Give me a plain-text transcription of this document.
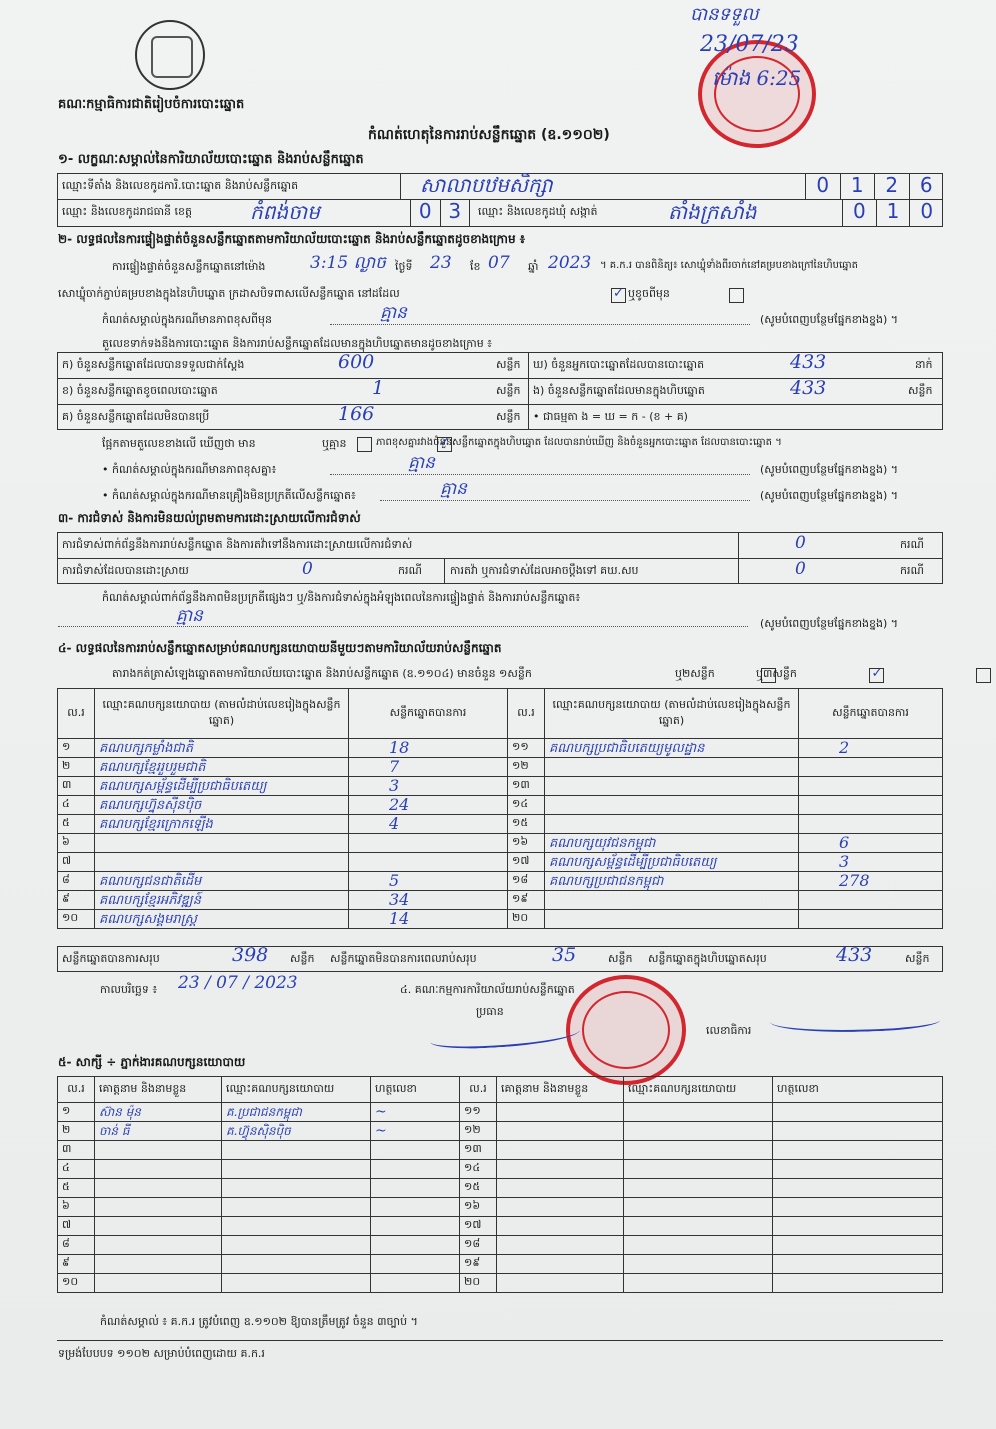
គណៈកម្មាធិការជាតិរៀបចំការបោះឆ្នោត
កំណត់ហេតុនៃការរាប់សន្លឹកឆ្នោត (ឧ.១១០២)
បានទទួល
23/07/23
ម៉ោង 6:25
១- លក្ខណៈសម្គាល់នៃការិយាល័យបោះឆ្នោត និងរាប់សន្លឹកឆ្នោត
ឈ្មោះទីតាំង និងលេខកូដការិ.បោះឆ្នោត និងរាប់សន្លឹកឆ្នោត	សាលាបឋមសិក្សា	0	1	2	6
ឈ្មោះ និងលេខកូដរាជធានី ខេត្ត	កំពង់ចាម	0 3	ឈ្មោះ និងលេខកូដឃុំ សង្កាត់	តាំងក្រសាំង	0	1	0
២- លទ្ធផលនៃការផ្ទៀងផ្ទាត់ចំនួនសន្លឹកឆ្នោតតាមការិយាល័យបោះឆ្នោត និងរាប់សន្លឹកឆ្នោតដូចខាងក្រោម ៖
ការផ្ទៀងផ្ទាត់ចំនួនសន្លឹកឆ្នោតនៅម៉ោង	3:15 ល្ងាច ថ្ងៃទី 23 ខែ 07 ឆ្នាំ 2023 ។ គ.ក.រ បានពិនិត្យ៖ សោឃ្នុំទាំងពីរចាក់នៅគម្របខាងក្រៅនៃហិបឆ្នោត
សោឃ្នុំចាក់ភ្ជាប់គម្របខាងក្នុងនៃហិបឆ្នោត ក្រដាសបិទពាសលើសន្លឹកឆ្នោត នៅដដែល ✓	ឬខូចពីមុន

កំណត់សម្គាល់ក្នុងករណីមានភាពខុសពីមុន	គ្មាន	(សូមបំពេញបន្ថែមផ្នែកខាងខ្នង) ។
តួលេខទាក់ទងនឹងការបោះឆ្នោត និងការរាប់សន្លឹកឆ្នោតដែលមានក្នុងហិបឆ្នោតមានដូចខាងក្រោម ៖
ក) ចំនួនសន្លឹកឆ្នោតដែលបានទទួលជាក់ស្តែង	600	សន្លឹក
ខ) ចំនួនសន្លឹកឆ្នោតខូចពេលបោះឆ្នោត	1	សន្លឹក
គ) ចំនួនសន្លឹកឆ្នោតដែលមិនបានប្រើ	166	សន្លឹក
ឃ) ចំនួនអ្នកបោះឆ្នោតដែលបានបោះឆ្នោត	433	នាក់
ង) ចំនួនសន្លឹកឆ្នោតដែលមានក្នុងហិបឆ្នោត	433	សន្លឹក
• ជាធម្មតា ង = ឃ = ក - (ខ + គ)
ផ្អែកតាមតួលេខខាងលើ ឃើញថា មាន
	ឬគ្មាន ✓	ភាពខុសគ្នារវាងចំនួនសន្លឹកឆ្នោតក្នុងហិបឆ្នោត ដែលបានរាប់ឃើញ និងចំនួនអ្នកបោះឆ្នោត ដែលបានបោះឆ្នោត ។
• កំណត់សម្គាល់ក្នុងករណីមានភាពខុសគ្នា៖	គ្មាន	(សូមបំពេញបន្ថែមផ្នែកខាងខ្នង) ។
• កំណត់សម្គាល់ក្នុងករណីមានគ្រឿងមិនប្រក្រតីលើសន្លឹកឆ្នោត៖	គ្មាន	(សូមបំពេញបន្ថែមផ្នែកខាងខ្នង) ។
៣- ការជំទាស់ និងការមិនយល់ព្រមតាមការដោះស្រាយលើការជំទាស់
ការជំទាស់ពាក់ព័ន្ធនឹងការរាប់សន្លឹកឆ្នោត និងការតវ៉ាទៅនឹងការដោះស្រាយលើការជំទាស់	0	ករណី
ការជំទាស់ដែលបានដោះស្រាយ	0	ករណី	ការតវ៉ា ឬការជំទាស់ដែលអាចប្តឹងទៅ គឃ.សប	0	ករណី
កំណត់សម្គាល់ពាក់ព័ន្ធនឹងភាពមិនប្រក្រតីផ្សេងៗ ឬ/និងការជំទាស់ក្នុងអំឡុងពេលនៃការផ្ទៀងផ្ទាត់ និងការរាប់សន្លឹកឆ្នោត៖
គ្មាន	(សូមបំពេញបន្ថែមផ្នែកខាងខ្នង) ។
៤- លទ្ធផលនៃការរាប់សន្លឹកឆ្នោតសម្រាប់គណបក្សនយោបាយនីមួយៗតាមការិយាល័យរាប់សន្លឹកឆ្នោត
តារាងកត់ត្រាសំឡេងឆ្នោតតាមការិយាល័យបោះឆ្នោត និងរាប់សន្លឹកឆ្នោត (ឧ.១១០៤) មានចំនួន ១សន្លឹក
	ឬ២សន្លឹក ✓	ឬ៣សន្លឹក
ល.រ	ឈ្មោះគណបក្សនយោបាយ (តាមលំដាប់លេខរៀងក្នុងសន្លឹកឆ្នោត)	សន្លឹកឆ្នោតបានការ	ល.រ	ឈ្មោះគណបក្សនយោបាយ (តាមលំដាប់លេខរៀងក្នុងសន្លឹកឆ្នោត)	សន្លឹកឆ្នោតបានការ
១	គណបក្សកម្លាំងជាតិ	18	១១	គណបក្សប្រជាធិបតេយ្យមូលដ្ឋាន	2
២	គណបក្សខ្មែររួបរួមជាតិ	7	១២		
៣	គណបក្សសម្ព័ន្ធដើម្បីប្រជាធិបតេយ្យ	3	១៣		
៤	គណបក្សហ្វ៊ុនស៊ីនប៉ិច	24	១៤		
៥	គណបក្សខ្មែរក្រោកឡើង	4	១៥		
៦			១៦	គណបក្សយុវជនកម្ពុជា	6
៧			១៧	គណបក្សសម្ព័ន្ធដើម្បីប្រជាធិបតេយ្យ	3
៨	គណបក្សជនជាតិដើម	5	១៨	គណបក្សប្រជាជនកម្ពុជា	278
៩	គណបក្សខ្មែរអភិវឌ្ឍន៍	34	១៩		
១០	គណបក្សសង្គមរាស្ត្រ	14	២០		
សន្លឹកឆ្នោតបានការសរុប	398 សន្លឹក សន្លឹកឆ្នោតមិនបានការពេលរាប់សរុប	35	សន្លឹក សន្លឹកឆ្នោតក្នុងហិបឆ្នោតសរុប	433	សន្លឹក
កាលបរិច្ឆេទ ៖ 23 / 07 / 2023	៤. គណៈកម្មការការិយាល័យរាប់សន្លឹកឆ្នោត
ប្រធាន
លេខាធិការ
៥- សាក្សី ÷ ភ្នាក់ងារគណបក្សនយោបាយ
ល.រ	គោត្តនាម និងនាមខ្លួន	ឈ្មោះគណបក្សនយោបាយ	ហត្ថលេខា	ល.រ	គោត្តនាម និងនាមខ្លួន	ឈ្មោះគណបក្សនយោបាយ	ហត្ថលេខា
១	ស៊ាន ម៉ុន	គ.ប្រជាជនកម្ពុជា	~	១១			
២	ចាន់ ធី	គ.ហ៊្វុនស៊ិនប៉ិច	~	១២			
៣				១៣			
៤				១៤			
៥				១៥			
៦				១៦			
៧				១៧			
៨				១៨			
៩				១៩			
១០				២០			
កំណត់សម្គាល់ ៖ គ.ក.រ ត្រូវបំពេញ ឧ.១១០២ ឱ្យបានត្រឹមត្រូវ ចំនួន ៣ច្បាប់ ។
ទម្រង់បែបបទ ១១០២ សម្រាប់បំពេញដោយ គ.ក.រ
